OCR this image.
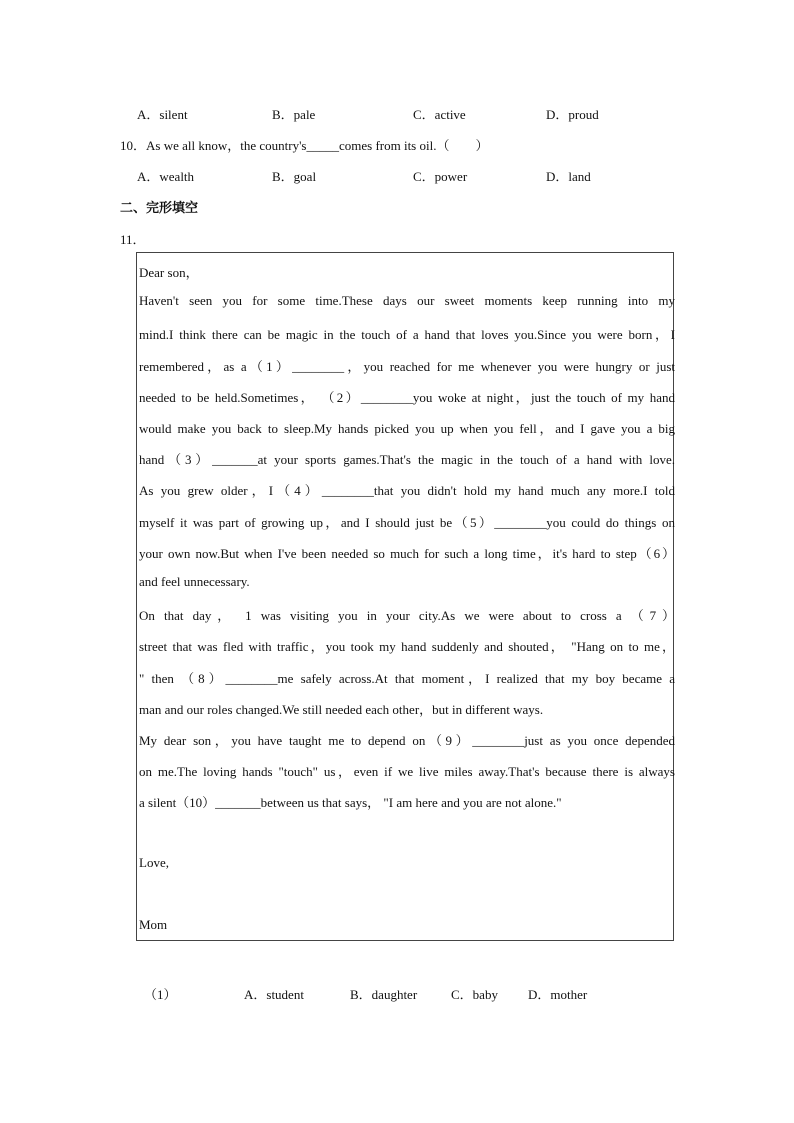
A．silent	B．pale	C．active	D．proud
10．As we all know，the country's_____comes from its oil.（　　）
A．wealth	B．goal	C．power	D．land
二、完形填空
11．
Dear son，
Haven't seen you for some time.These days our sweet moments keep running into my
mind.I think there can be magic in the touch of a hand that loves you.Since you were born，I
remembered，as a（1）________，you reached for me whenever you were hungry or just
needed to be held.Sometimes， （2）________you woke at night，just the touch of my hand
would make you back to sleep.My hands picked you up when you fell，and I gave you a big
hand（3）_______at your sports games.That's the magic in the touch of a hand with love.
As you grew older，I（4）________that you didn't hold my hand much any more.I told
myself it was part of growing up，and I should just be（5）________you could do things on
your own now.But when I've been needed so much for such a long time，it's hard to step（6）
and feel unnecessary.
On that day， 1 was visiting you in your city.As we were about to cross a （7）
street that was fled with traffic，you took my hand suddenly and shouted， "Hang on to me，
" then （8）________me safely across.At that moment，I realized that my boy became a
man and our roles changed.We still needed each other，but in different ways.
My dear son，you have taught me to depend on（9）________just as you once depended
on me.The loving hands "touch" us，even if we live miles away.That's because there is always
a silent（10）_______between us that says， "I am here and you are not alone."
Love,
Mom
（1）	A．student	B．daughter	C．baby D．mother
